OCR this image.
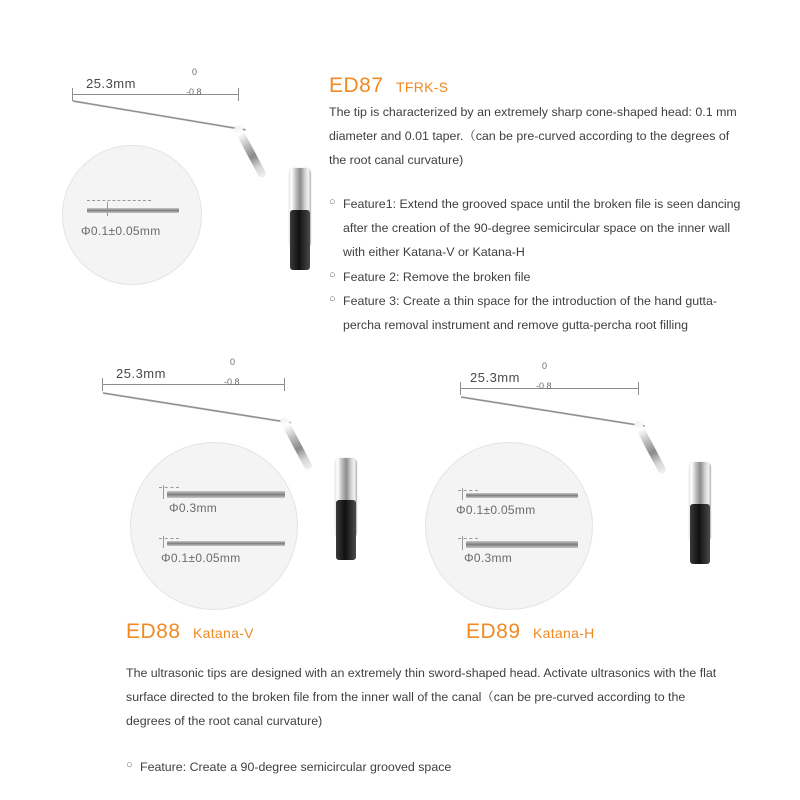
25.3mm
0
-0.8
Φ0.1±0.05mm
ED87 TFRK-S
The tip is characterized by an extremely sharp cone-shaped head: 0.1 mm diameter and 0.01 taper.（can be pre-curved according to the degrees of the root canal curvature)
○ Feature1: Extend the grooved space until the broken file is seen dancing after the creation of the 90-degree semicircular space on the inner wall with either Katana-V or Katana-H
○ Feature 2: Remove the broken file
○ Feature 3: Create a thin space for the introduction of the hand gutta-percha removal instrument and remove gutta-percha root filling
25.3mm
0
-0.8
Φ0.3mm
Φ0.1±0.05mm
25.3mm
0
-0.8
Φ0.1±0.05mm
Φ0.3mm
ED88 Katana-V	ED89 Katana-H
The ultrasonic tips are designed with an extremely thin sword-shaped head. Activate ultrasonics with the flat surface directed to the broken file from the inner wall of the canal（can be pre-curved according to the degrees of the root canal curvature)
○ Feature: Create a 90-degree semicircular grooved space
